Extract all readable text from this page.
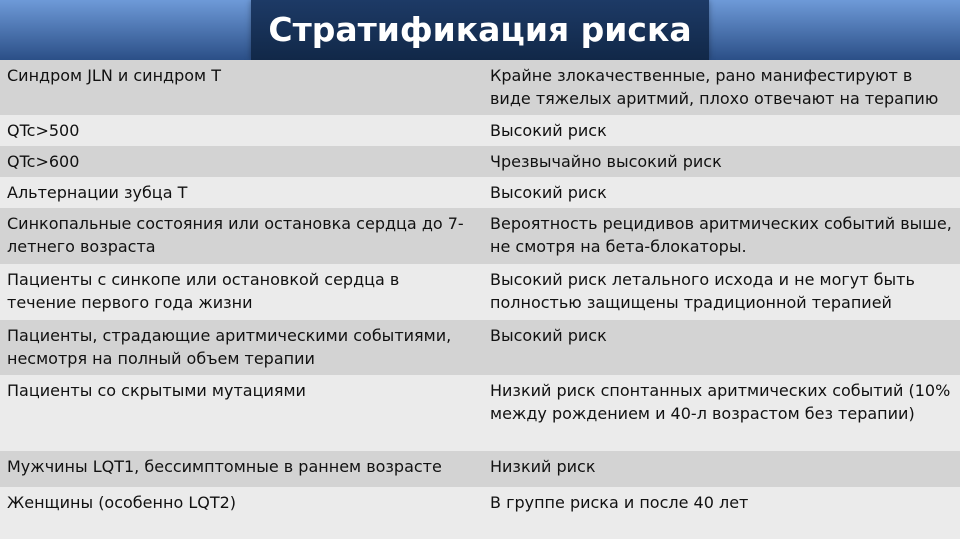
Стратификация риска
Синдром JLN и синдром Т	Крайне злокачественные, рано манифестируют в виде тяжелых аритмий, плохо отвечают на терапию
QTc>500	Высокий риск
QTc>600	Чрезвычайно высокий риск
Альтернации зубца Т	Высокий риск
Синкопальные состояния или остановка сердца до 7-летнего возраста	Вероятность рецидивов аритмических событий выше, не смотря на бета-блокаторы.
Пациенты с синкопе или остановкой сердца в течение первого года жизни	Высокий риск летального исхода и не могут быть полностью защищены традиционной терапией
Пациенты, страдающие аритмическими событиями, несмотря на полный объем терапии	Высокий риск
Пациенты со скрытыми мутациями	Низкий риск спонтанных аритмических событий (10% между рождением и 40-л возрастом без терапии)
Мужчины LQT1, бессимптомные в раннем возрасте	Низкий риск
Женщины (особенно LQT2)	В группе риска и после 40 лет
